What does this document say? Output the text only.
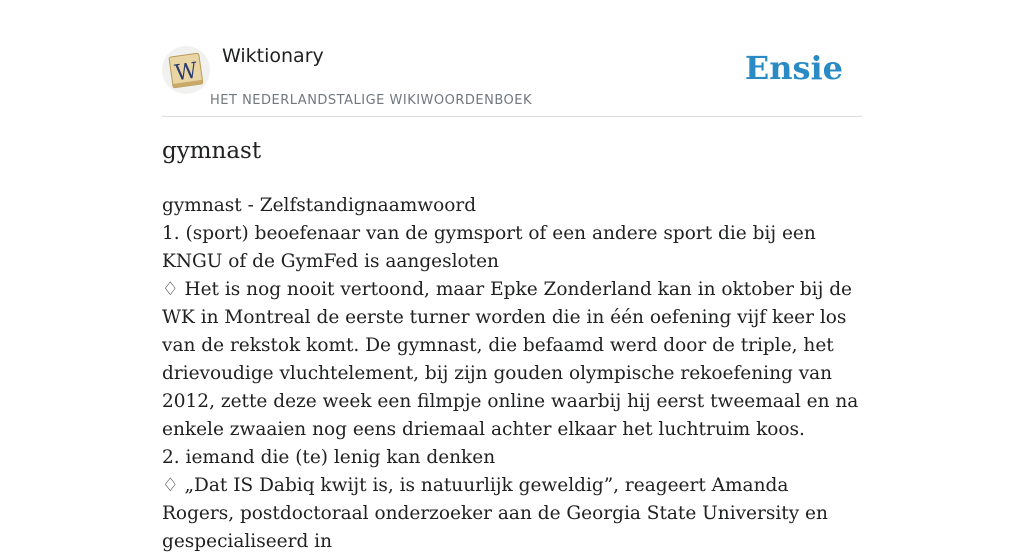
W
Wiktionary
HET NEDERLANDSTALIGE WIKIWOORDENBOEK
Ensie
gymnast

gymnast - Zelfstandignaamwoord

1. (sport) beoefenaar van de gymsport of een andere sport die bij een KNGU of de GymFed is aangesloten

♢ Het is nog nooit vertoond, maar Epke Zonderland kan in oktober bij de WK in Montreal de eerste turner worden die in één oefening vijf keer los van de rekstok komt. De gymnast, die befaamd werd door de triple, het drievoudige vluchtelement, bij zijn gouden olympische rekoefening van 2012, zette deze week een filmpje online waarbij hij eerst tweemaal en na enkele zwaaien nog eens driemaal achter elkaar het luchtruim koos.

2. iemand die (te) lenig kan denken

♢ „Dat IS Dabiq kwijt is, is natuurlijk geweldig”, reageert Amanda Rogers, postdoctoraal onderzoeker aan de Georgia State University en gespecialiseerd in
